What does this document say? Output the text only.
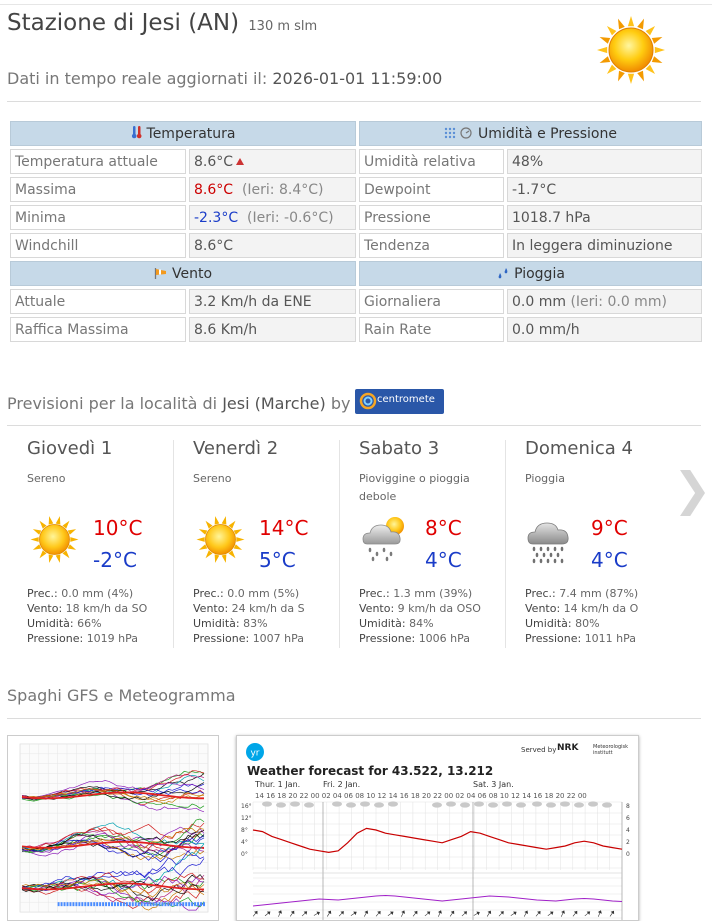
Stazione di Jesi (AN) 130 m slm
Dati in tempo reale aggiornati il: 2026-01-01 11:59:00
Temperatura		Umidità e Pressione	
Temperatura attuale	8.6°C	Umidità relativa	48%
Massima	8.6°C (Ieri: 8.4°C)	Dewpoint	-1.7°C
Minima	-2.3°C (Ieri: -0.6°C)	Pressione	1018.7 hPa
Windchill	8.6°C	Tendenza	In leggera diminuzione
Vento		Pioggia	
Attuale	3.2 Km/h da ENE	Giornaliera	0.0 mm (Ieri: 0.0 mm)
Raffica Massima	8.6 Km/h	Rain Rate	0.0 mm/h
Previsioni per la località di Jesi (Marche) by	centromete
Giovedì 1
Sereno
10°C
-2°C
Prec.: 0.0 mm (4%)
Vento: 18 km/h da SO
Umidità: 66%
Pressione: 1019 hPa
Venerdì 2
Sereno
14°C
5°C
Prec.: 0.0 mm (5%)
Vento: 24 km/h da S
Umidità: 83%
Pressione: 1007 hPa
Sabato 3
Pioviggine o pioggia debole
8°C
4°C
Prec.: 1.3 mm (39%)
Vento: 9 km/h da OSO
Umidità: 84%
Pressione: 1006 hPa
Domenica 4
Pioggia
9°C
4°C
Prec.: 7.4 mm (87%)
Vento: 14 km/h da O
Umidità: 80%
Pressione: 1011 hPa
❯
Spaghi GFS e Meteogramma
yr	Served by NRK	Meteorologisk institutt
Weather forecast for 43.522, 13.212
Thur. 1 Jan.	Fri. 2 Jan.	Sat. 3 Jan.
14 16 18 20 22 00 02 04 06 08 10 12 14 16 18 20 22 00 02 04 06 08 10 12 14 16 18 20 22 00
16°
12°
8°
4°
0°
8
6
4
2
0
